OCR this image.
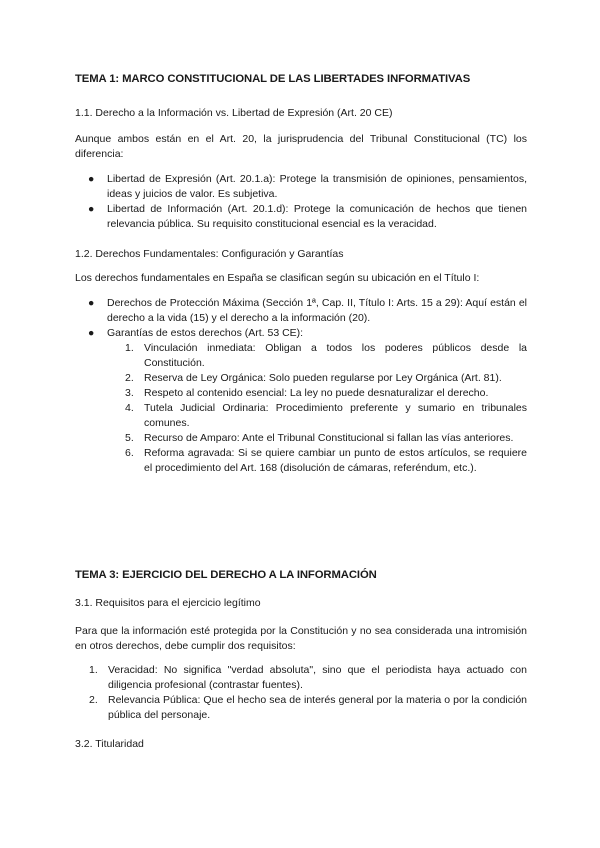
TEMA 1: MARCO CONSTITUCIONAL DE LAS LIBERTADES INFORMATIVAS
1.1. Derecho a la Información vs. Libertad de Expresión (Art. 20 CE)
Aunque ambos están en el Art. 20, la jurisprudencia del Tribunal Constitucional (TC) los diferencia:
● Libertad de Expresión (Art. 20.1.a): Protege la transmisión de opiniones, pensamientos, ideas y juicios de valor. Es subjetiva.
● Libertad de Información (Art. 20.1.d): Protege la comunicación de hechos que tienen relevancia pública. Su requisito constitucional esencial es la veracidad.
1.2. Derechos Fundamentales: Configuración y Garantías
Los derechos fundamentales en España se clasifican según su ubicación en el Título I:
● Derechos de Protección Máxima (Sección 1ª, Cap. II, Título I: Arts. 15 a 29): Aquí están el derecho a la vida (15) y el derecho a la información (20).
● Garantías de estos derechos (Art. 53 CE):
1. Vinculación inmediata: Obligan a todos los poderes públicos desde la Constitución.
2. Reserva de Ley Orgánica: Solo pueden regularse por Ley Orgánica (Art. 81).
3. Respeto al contenido esencial: La ley no puede desnaturalizar el derecho.
4. Tutela Judicial Ordinaria: Procedimiento preferente y sumario en tribunales comunes.
5. Recurso de Amparo: Ante el Tribunal Constitucional si fallan las vías anteriores.
6. Reforma agravada: Si se quiere cambiar un punto de estos artículos, se requiere el procedimiento del Art. 168 (disolución de cámaras, referéndum, etc.).
TEMA 3: EJERCICIO DEL DERECHO A LA INFORMACIÓN
3.1. Requisitos para el ejercicio legítimo
Para que la información esté protegida por la Constitución y no sea considerada una intromisión en otros derechos, debe cumplir dos requisitos:
1. Veracidad: No significa "verdad absoluta", sino que el periodista haya actuado con diligencia profesional (contrastar fuentes).
2. Relevancia Pública: Que el hecho sea de interés general por la materia o por la condición pública del personaje.
3.2. Titularidad
